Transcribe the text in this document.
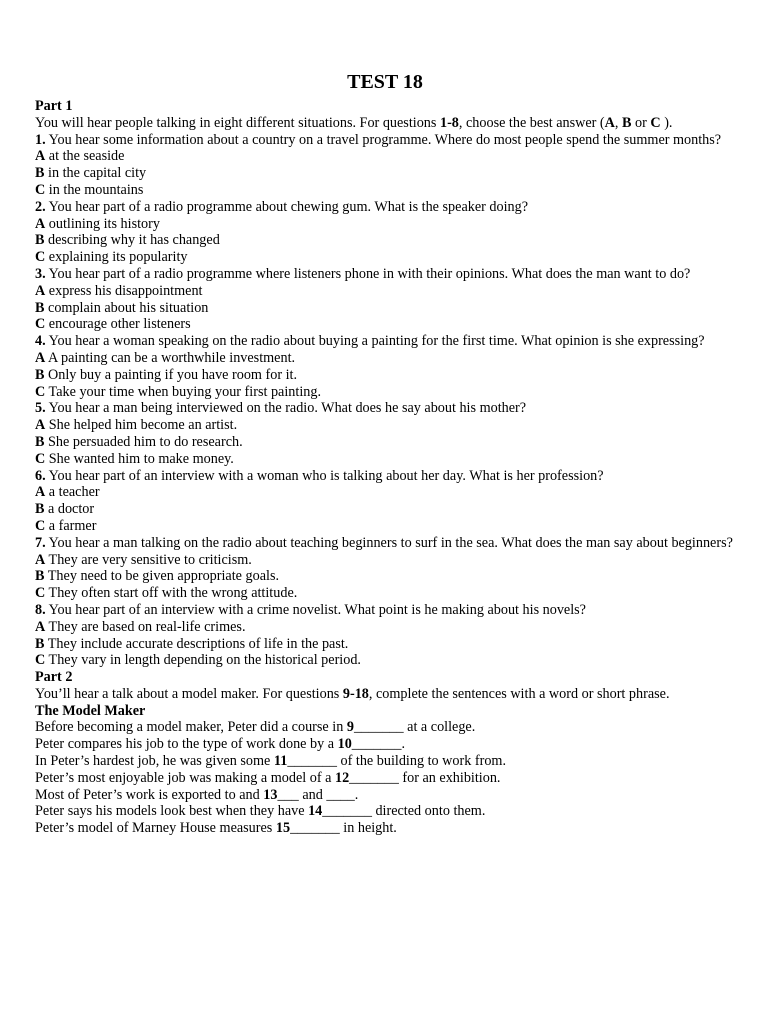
TEST 18
Part 1
You will hear people talking in eight different situations. For questions 1-8, choose the best answer (A, B or C ).
1. You hear some information about a country on a travel programme. Where do most people spend the summer months?
A at the seaside
B in the capital city
C in the mountains
2. You hear part of a radio programme about chewing gum. What is the speaker doing?
A outlining its history
B describing why it has changed
C explaining its popularity
3. You hear part of a radio programme where listeners phone in with their opinions. What does the man want to do?
A express his disappointment
B complain about his situation
C encourage other listeners
4. You hear a woman speaking on the radio about buying a painting for the first time. What opinion is she expressing?
A A painting can be a worthwhile investment.
B Only buy a painting if you have room for it.
C Take your time when buying your first painting.
5. You hear a man being interviewed on the radio. What does he say about his mother?
A She helped him become an artist.
B She persuaded him to do research.
C She wanted him to make money.
6. You hear part of an interview with a woman who is talking about her day. What is her profession?
A a teacher
B a doctor
C a farmer
7. You hear a man talking on the radio about teaching beginners to surf in the sea. What does the man say about beginners?
A They are very sensitive to criticism.
B They need to be given appropriate goals.
C They often start off with the wrong attitude.
8. You hear part of an interview with a crime novelist. What point is he making about his novels?
A They are based on real-life crimes.
B They include accurate descriptions of life in the past.
C They vary in length depending on the historical period.
Part 2
You’ll hear a talk about a model maker. For questions 9-18, complete the sentences with a word or short phrase.
The Model Maker
Before becoming a model maker, Peter did a course in 9_______ at a college.
Peter compares his job to the type of work done by a 10_______.
In Peter’s hardest job, he was given some 11_______ of the building to work from.
Peter’s most enjoyable job was making a model of a 12_______ for an exhibition.
Most of Peter’s work is exported to and 13___ and ____.
Peter says his models look best when they have 14_______ directed onto them.
Peter’s model of Marney House measures 15_______ in height.
